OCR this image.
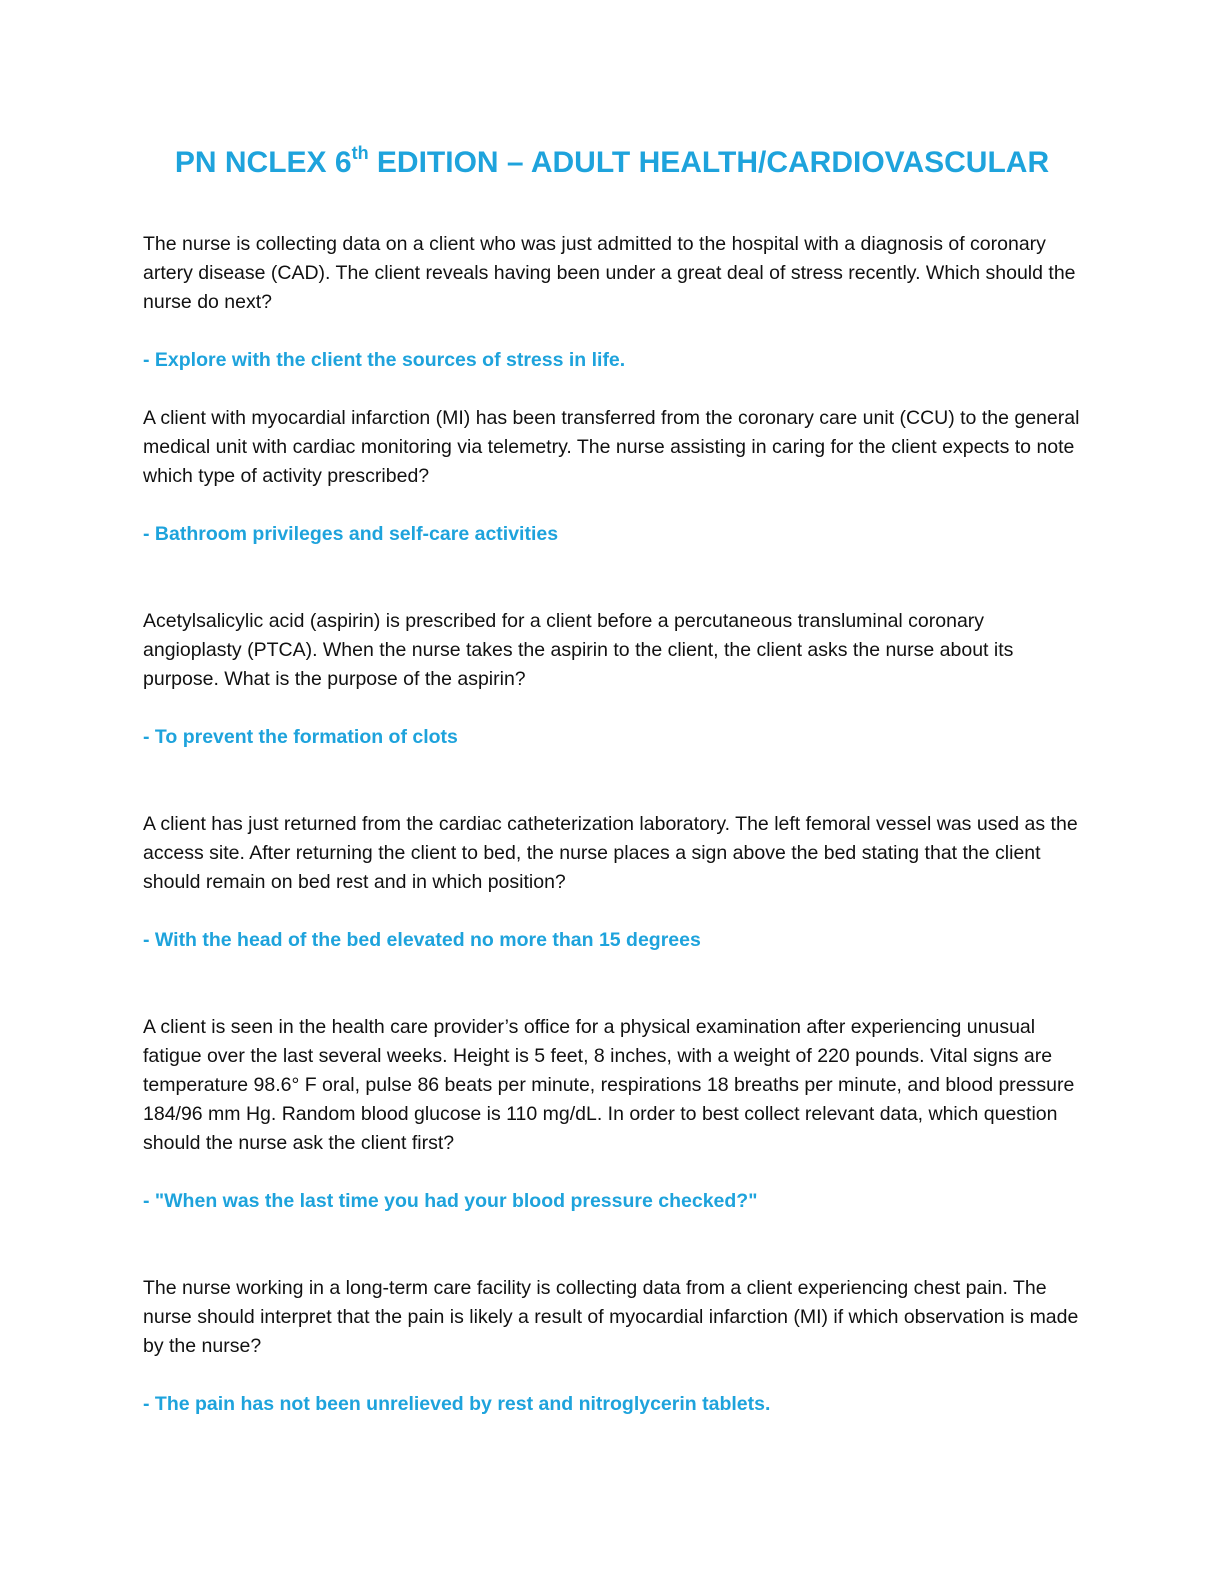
PN NCLEX 6th EDITION – ADULT HEALTH/CARDIOVASCULAR

The nurse is collecting data on a client who was just admitted to the hospital with a diagnosis of coronary artery disease (CAD). The client reveals having been under a great deal of stress recently. Which should the nurse do next?

- Explore with the client the sources of stress in life.

A client with myocardial infarction (MI) has been transferred from the coronary care unit (CCU) to the general medical unit with cardiac monitoring via telemetry. The nurse assisting in caring for the client expects to note which type of activity prescribed?

- Bathroom privileges and self-care activities

Acetylsalicylic acid (aspirin) is prescribed for a client before a percutaneous transluminal coronary angioplasty (PTCA). When the nurse takes the aspirin to the client, the client asks the nurse about its purpose. What is the purpose of the aspirin?

- To prevent the formation of clots

A client has just returned from the cardiac catheterization laboratory. The left femoral vessel was used as the access site. After returning the client to bed, the nurse places a sign above the bed stating that the client should remain on bed rest and in which position?

- With the head of the bed elevated no more than 15 degrees

A client is seen in the health care provider’s office for a physical examination after experiencing unusual fatigue over the last several weeks. Height is 5 feet, 8 inches, with a weight of 220 pounds. Vital signs are temperature 98.6° F oral, pulse 86 beats per minute, respirations 18 breaths per minute, and blood pressure 184/96 mm Hg. Random blood glucose is 110 mg/dL. In order to best collect relevant data, which question should the nurse ask the client first?

- "When was the last time you had your blood pressure checked?"

The nurse working in a long-term care facility is collecting data from a client experiencing chest pain. The nurse should interpret that the pain is likely a result of myocardial infarction (MI) if which observation is made by the nurse?

- The pain has not been unrelieved by rest and nitroglycerin tablets.
